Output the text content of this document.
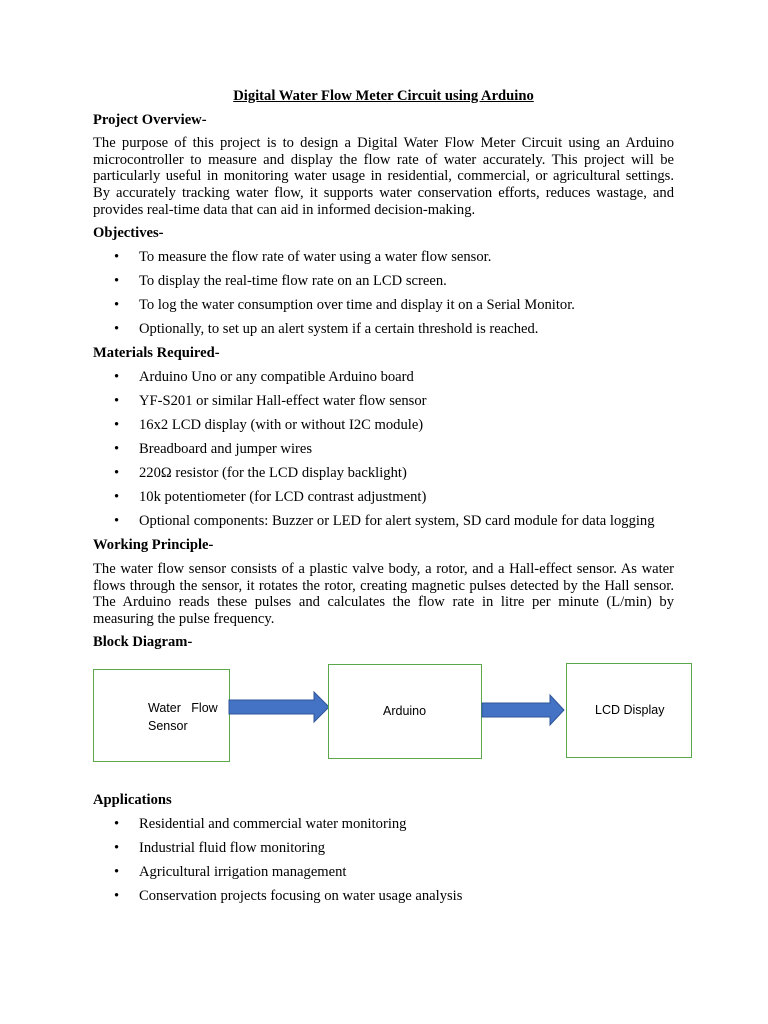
Digital Water Flow Meter Circuit using Arduino
Project Overview-
The purpose of this project is to design a Digital Water Flow Meter Circuit using an Arduino microcontroller to measure and display the flow rate of water accurately. This project will be particularly useful in monitoring water usage in residential, commercial, or agricultural settings. By accurately tracking water flow, it supports water conservation efforts, reduces wastage, and provides real-time data that can aid in informed decision-making.
Objectives-
• To measure the flow rate of water using a water flow sensor.
• To display the real-time flow rate on an LCD screen.
• To log the water consumption over time and display it on a Serial Monitor.
• Optionally, to set up an alert system if a certain threshold is reached.
Materials Required-
• Arduino Uno or any compatible Arduino board
• YF-S201 or similar Hall-effect water flow sensor
• 16x2 LCD display (with or without I2C module)
• Breadboard and jumper wires
• 220Ω resistor (for the LCD display backlight)
• 10k potentiometer (for LCD contrast adjustment)
• Optional components: Buzzer or LED for alert system, SD card module for data logging
Working Principle-
The water flow sensor consists of a plastic valve body, a rotor, and a Hall-effect sensor. As water flows through the sensor, it rotates the rotor, creating magnetic pulses detected by the Hall sensor. The Arduino reads these pulses and calculates the flow rate in litre per minute (L/min) by measuring the pulse frequency.
Block Diagram-
Water   Flow
Sensor
Arduino	LCD Display
Applications
• Residential and commercial water monitoring
• Industrial fluid flow monitoring
• Agricultural irrigation management
• Conservation projects focusing on water usage analysis
